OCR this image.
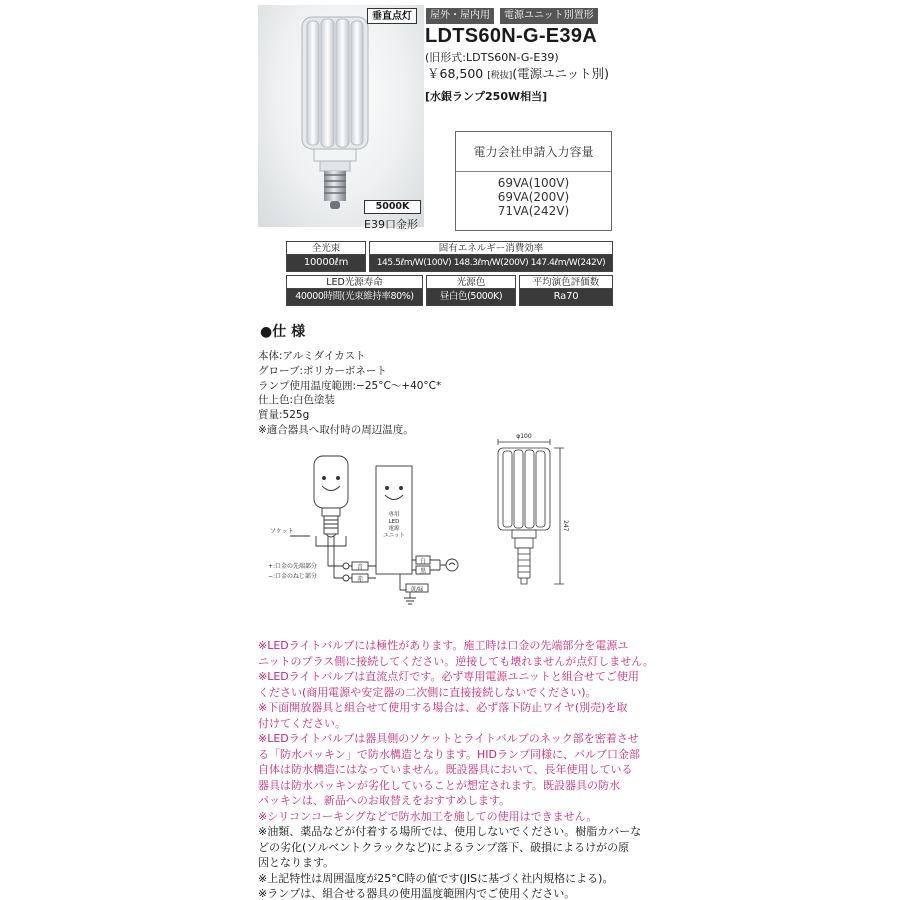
垂直点灯	屋外・屋内用	電源ユニット別置形
LDTS60N-G-E39A
(旧形式:LDTS60N-G-E39)
￥68,500 [税抜](電源ユニット別)
[水銀ランプ250W相当]
電力会社申請入力容量
69VA(100V)
69VA(200V)
71VA(242V)
5000K
E39口金形
全光束
10000ℓm
固有エネルギー消費効率
145.5ℓm/W(100V) 148.3ℓm/W(200V) 147.4ℓm/W(242V)
LED光源寿命
40000時間(光束維持率80%)
光源色
昼白色(5000K)
平均演色評価数
Ra70
●仕 様
本体:アルミダイカスト
グローブ:ポリカーボネート
ランプ使用温度範囲:−25°C〜+40°C*
仕上色:白色塗装
質量:525g
※適合器具へ取付時の周辺温度。
ソケット
+:口金の先端部分
−:口金のねじ部分
青
赤
白
黒
黄/緑
専用
LED
電源
ユニット
φ100
247
※LEDライトバルブには極性があります。施工時は口金の先端部分を電源ユ
ニットのプラス側に接続してください。逆接しても壊れませんが点灯しません。
※LEDライトバルブは直流点灯です。必ず専用電源ユニットと組合せてご使用
ください(商用電源や安定器の二次側に直接接続しないでください)。
※下面開放器具と組合せて使用する場合は、必ず落下防止ワイヤ(別売)を取
付けてください。
※LEDライトバルブは器具側のソケットとライトバルブのネック部を密着させ
る「防水パッキン」で防水構造となります。HIDランプ同様に、バルブ口金部
自体は防水構造にはなっていません。既設器具において、長年使用している
器具は防水パッキンが劣化していることが想定されます。既設器具の防水
パッキンは、新品へのお取替えをおすすめします。
※シリコンコーキングなどで防水加工を施しての使用はできません。
※油類、薬品などが付着する場所では、使用しないでください。樹脂カバーな
どの劣化(ソルベントクラックなど)によるランプ落下、破損によるけがの原
因となります。
※上記特性は周囲温度が25°C時の値です(JISに基づく社内規格による)。
※ランプは、組合せる器具の使用温度範囲内でご使用ください。
